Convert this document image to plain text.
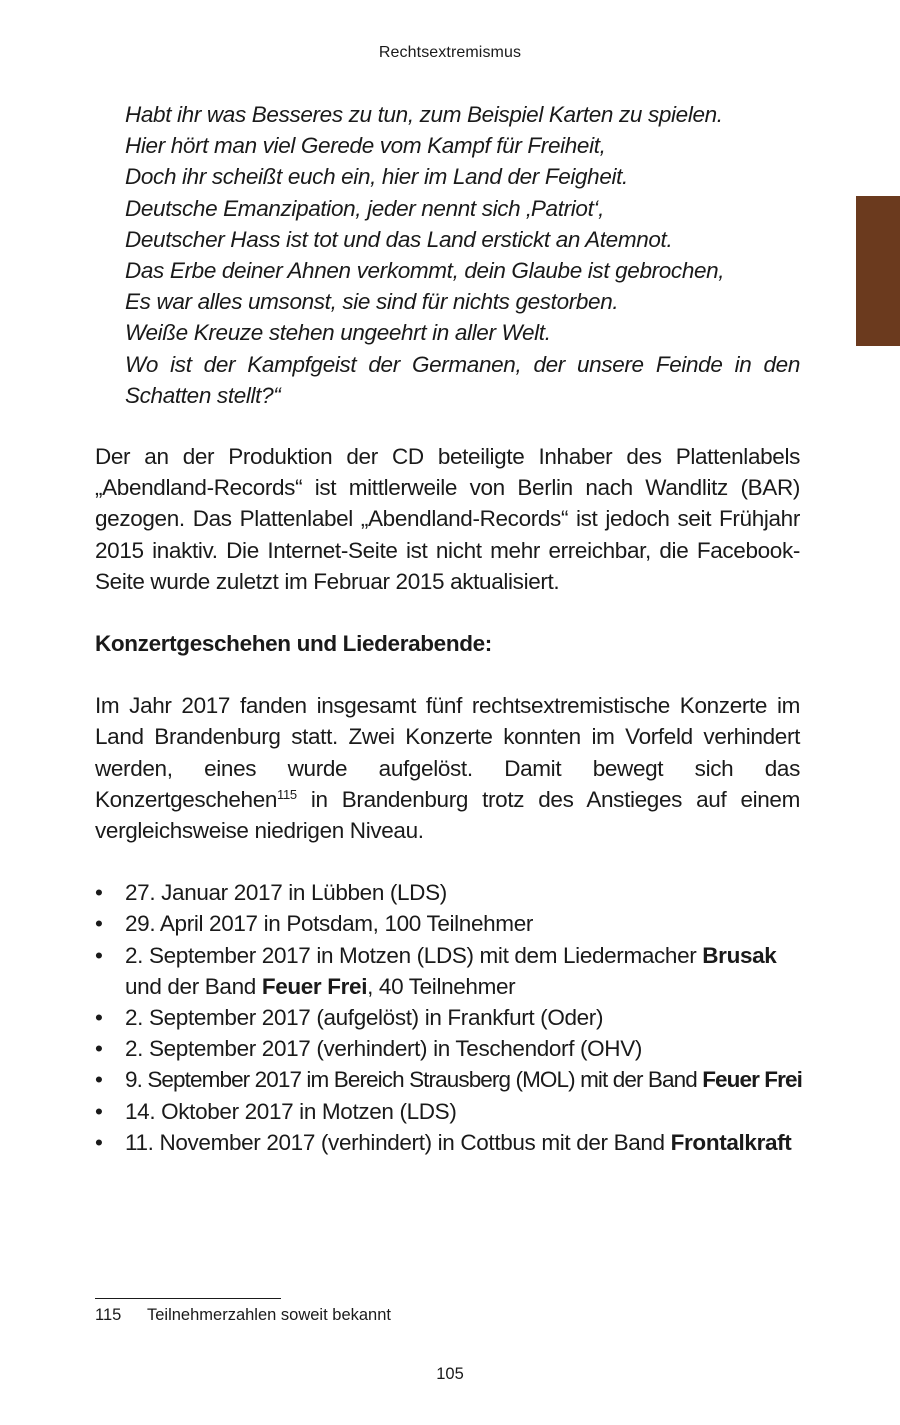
Rechtsextremismus
Habt ihr was Besseres zu tun, zum Beispiel Karten zu spielen.
Hier hört man viel Gerede vom Kampf für Freiheit,
Doch ihr scheißt euch ein, hier im Land der Feigheit.
Deutsche Emanzipation, jeder nennt sich ‚Patriot‘,
Deutscher Hass ist tot und das Land erstickt an Atemnot.
Das Erbe deiner Ahnen verkommt, dein Glaube ist gebrochen,
Es war alles umsonst, sie sind für nichts gestorben.
Weiße Kreuze stehen ungeehrt in aller Welt.
Wo ist der Kampfgeist der Germanen, der unsere Feinde in den
Schatten stellt?“

Der an der Produktion der CD beteiligte Inhaber des Plattenlabels „Abendland-Records“ ist mittlerweile von Berlin nach Wandlitz (BAR) gezogen. Das Plattenlabel „Abendland-Records“ ist jedoch seit Frühjahr 2015 inaktiv. Die Internet-Seite ist nicht mehr erreichbar, die Facebook-Seite wurde zuletzt im Februar 2015 aktualisiert.

Konzertgeschehen und Liederabende:

Im Jahr 2017 fanden insgesamt fünf rechtsextremistische Konzerte im Land Brandenburg statt. Zwei Konzerte konnten im Vorfeld verhindert werden, eines wurde aufgelöst. Damit bewegt sich das Konzertgeschehen$^{115}$ in Brandenburg trotz des Anstieges auf einem vergleichsweise niedrigen Niveau.

• 27. Januar 2017 in Lübben (LDS)
• 29. April 2017 in Potsdam, 100 Teilnehmer
• 2. September 2017 in Motzen (LDS) mit dem Liedermacher Brusak und der Band Feuer Frei, 40 Teilnehmer
• 2. September 2017 (aufgelöst) in Frankfurt (Oder)
• 2. September 2017 (verhindert) in Teschendorf (OHV)
• 9. September 2017 im Bereich Strausberg (MOL) mit der Band Feuer Frei
• 14. Oktober 2017 in Motzen (LDS)
• 11. November 2017 (verhindert) in Cottbus mit der Band Frontalkraft
115 Teilnehmerzahlen soweit bekannt
105
